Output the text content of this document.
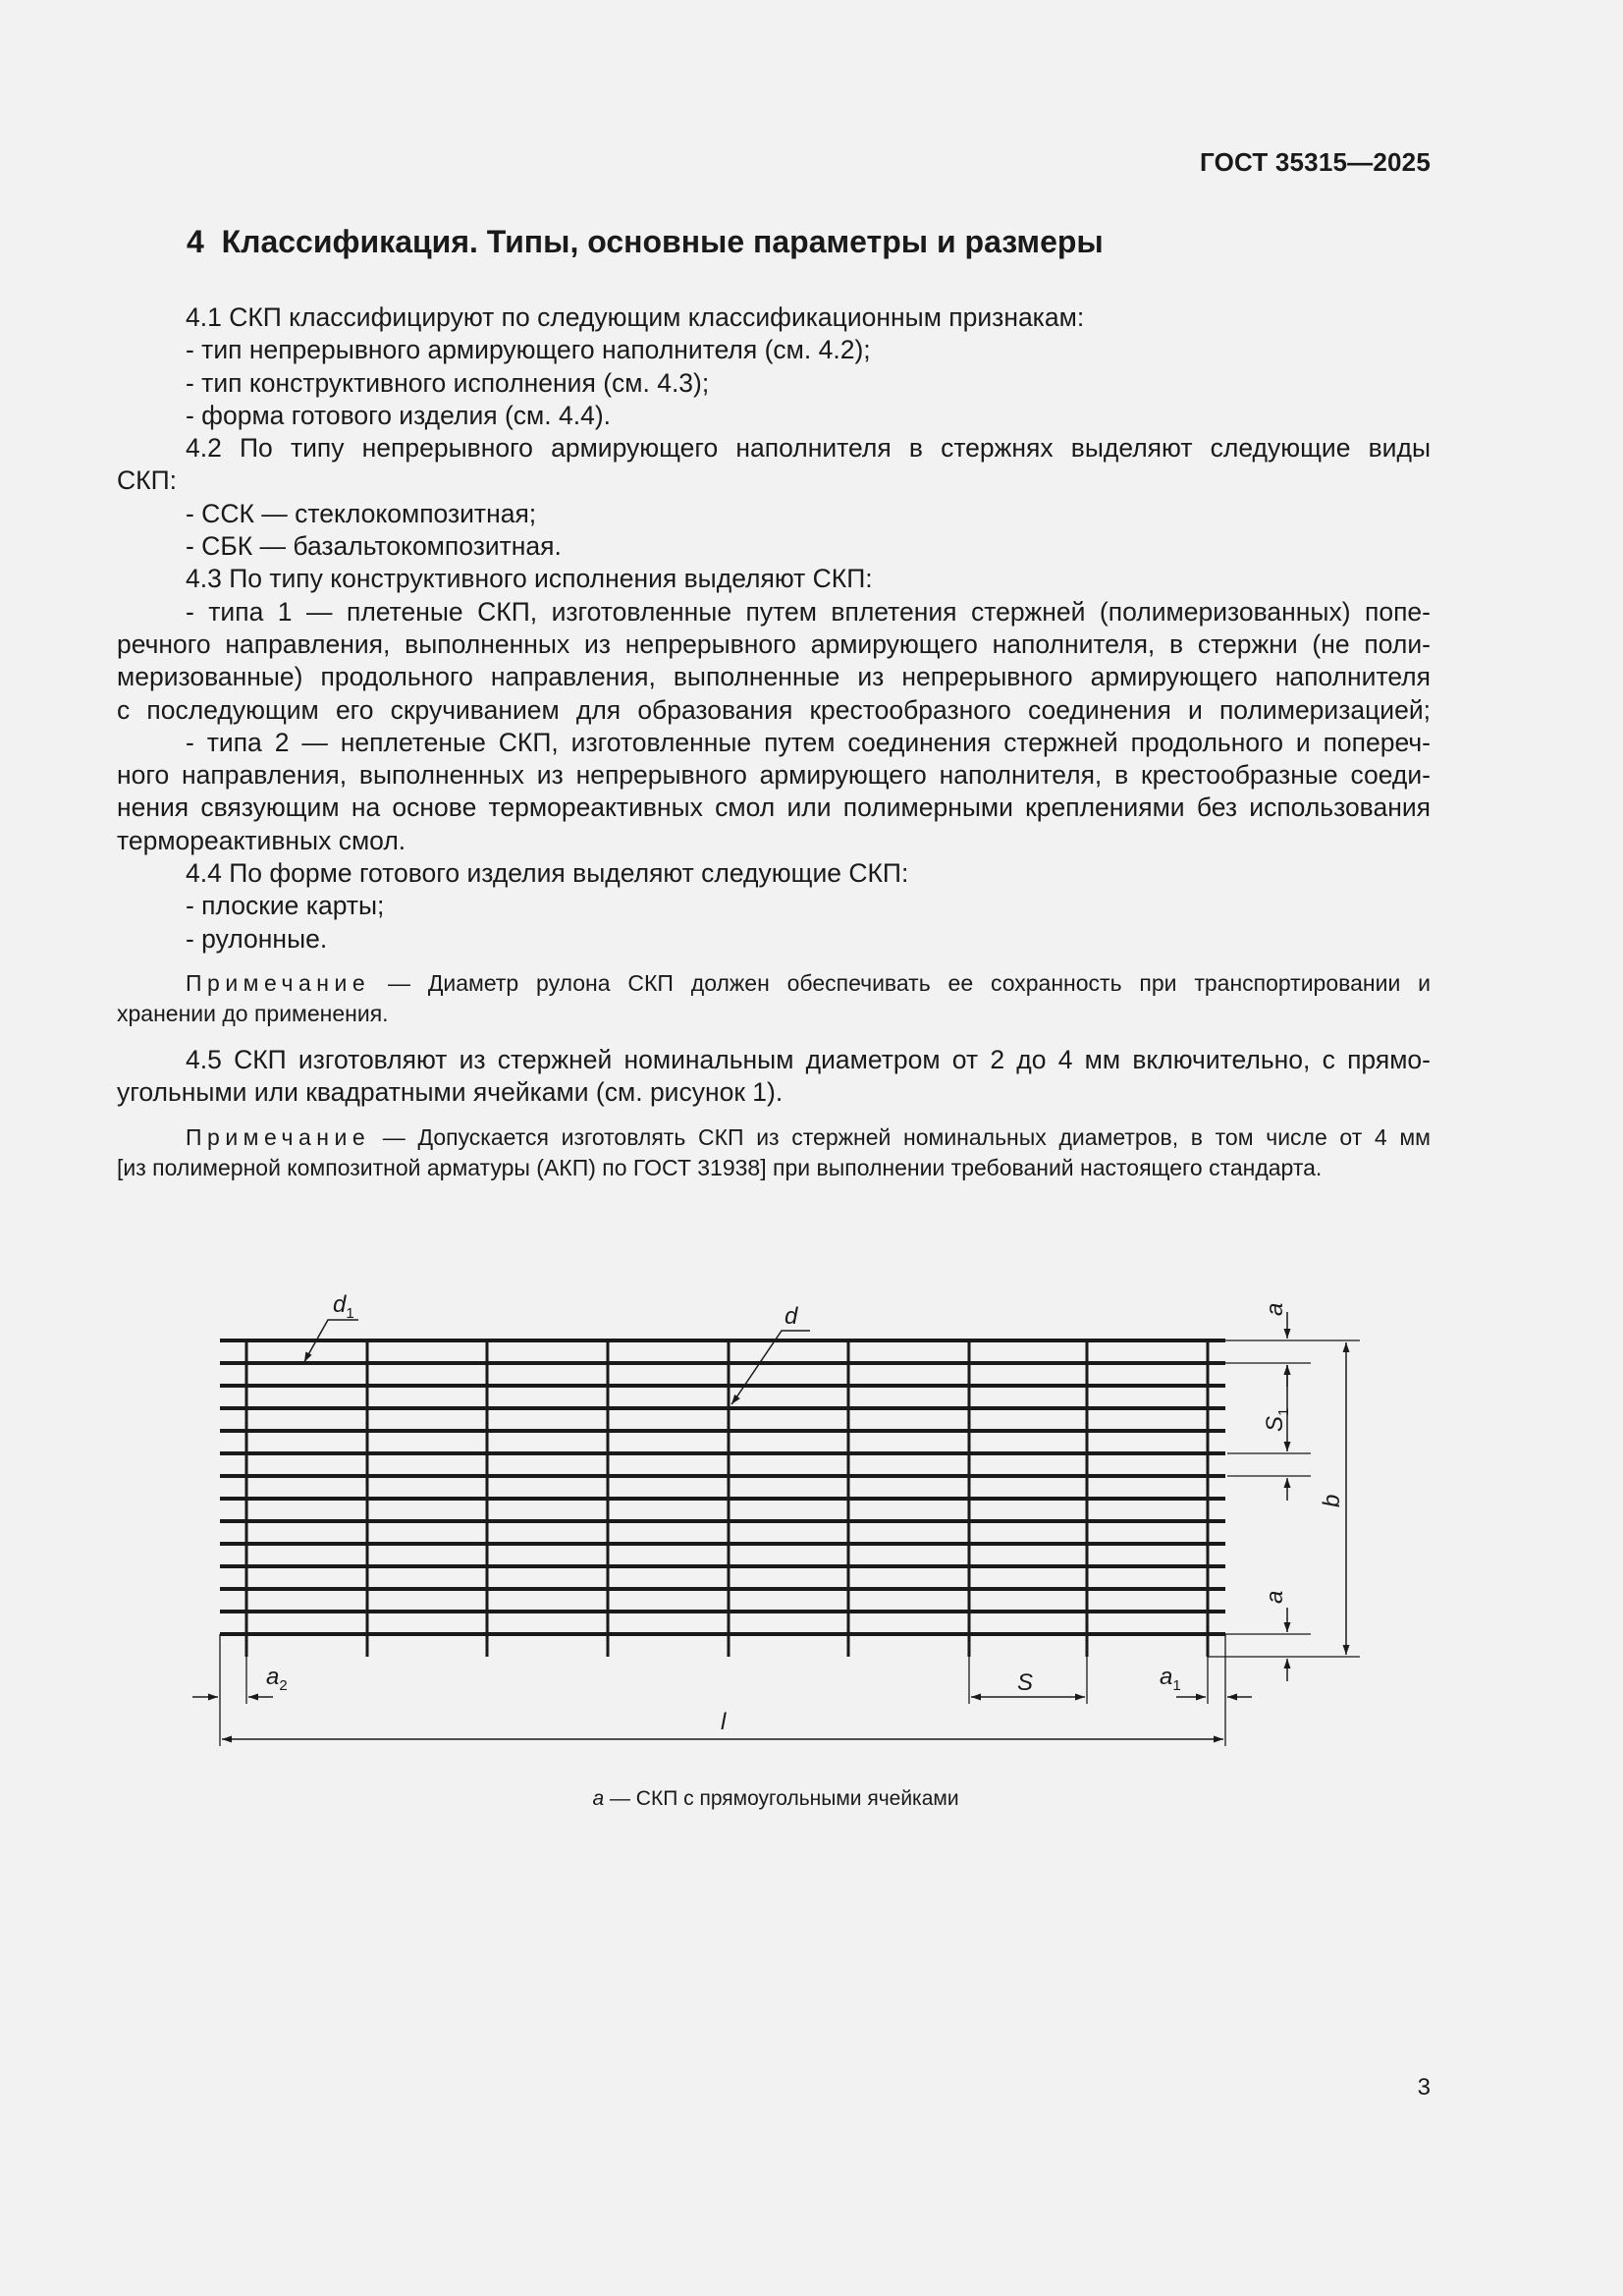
ГОСТ 35315—2025
4 Классификация. Типы, основные параметры и размеры

4.1 СКП классифицируют по следующим классификационным признакам:

- тип непрерывного армирующего наполнителя (см. 4.2);

- тип конструктивного исполнения (см. 4.3);

- форма готового изделия (см. 4.4).

4.2 По типу непрерывного армирующего наполнителя в стержнях выделяют следующие виды

СКП:

- ССК — стеклокомпозитная;

- СБК — базальтокомпозитная.

4.3 По типу конструктивного исполнения выделяют СКП:

- типа 1 — плетеные СКП, изготовленные путем вплетения стержней (полимеризованных) попе-

речного направления, выполненных из непрерывного армирующего наполнителя, в стержни (не поли-

меризованные) продольного направления, выполненные из непрерывного армирующего наполнителя

с последующим его скручиванием для образования крестообразного соединения и полимеризацией;

- типа 2 — неплетеные СКП, изготовленные путем соединения стержней продольного и попереч-

ного направления, выполненных из непрерывного армирующего наполнителя, в крестообразные соеди-

нения связующим на основе термореактивных смол или полимерными креплениями без использования

термореактивных смол.

4.4 По форме готового изделия выделяют следующие СКП:

- плоские карты;

- рулонные.

Примечание — Диаметр рулона СКП должен обеспечивать ее сохранность при транспортировании и

хранении до применения.

4.5 СКП изготовляют из стержней номинальным диаметром от 2 до 4 мм включительно, с прямо-

угольными или квадратными ячейками (см. рисунок 1).

Примечание — Допускается изготовлять СКП из стержней номинальных диаметров, в том числе от 4 мм

[из полимерной композитной арматуры (АКП) по ГОСТ 31938] при выполнении требований настоящего стандарта.

$d_1$	d	a
$S_1$
b
a
$a_2$	S	$a_1$
l
а — СКП с прямоугольными ячейками
3
